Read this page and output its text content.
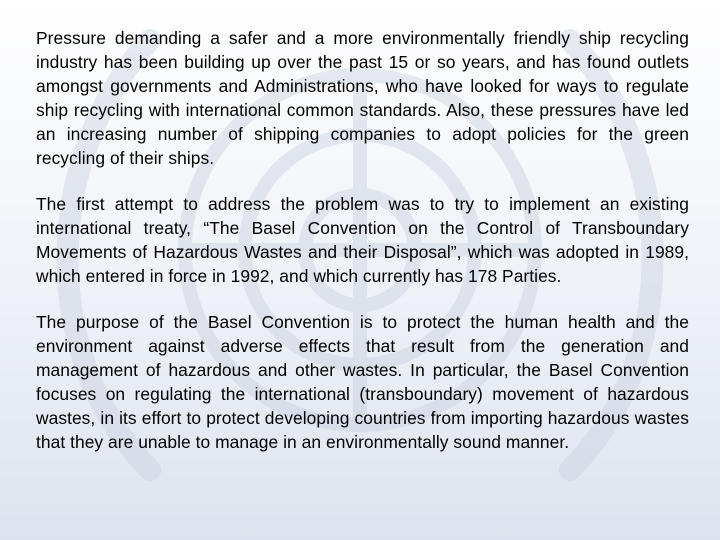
Pressure demanding a safer and a more environmentally friendly ship recycling industry has been building up over the past 15 or so years, and has found outlets amongst governments and Administrations, who have looked for ways to regulate ship recycling with international common standards. Also, these pressures have led an increasing number of shipping companies to adopt policies for the green recycling of their ships.

The first attempt to address the problem was to try to implement an existing international treaty, “The Basel Convention on the Control of Transboundary Movements of Hazardous Wastes and their Disposal”, which was adopted in 1989, which entered in force in 1992, and which currently has 178 Parties.

The purpose of the Basel Convention is to protect the human health and the environment against adverse effects that result from the generation and management of hazardous and other wastes. In particular, the Basel Convention focuses on regulating the international (transboundary) movement of hazardous wastes, in its effort to protect developing countries from importing hazardous wastes that they are unable to manage in an environmentally sound manner.
